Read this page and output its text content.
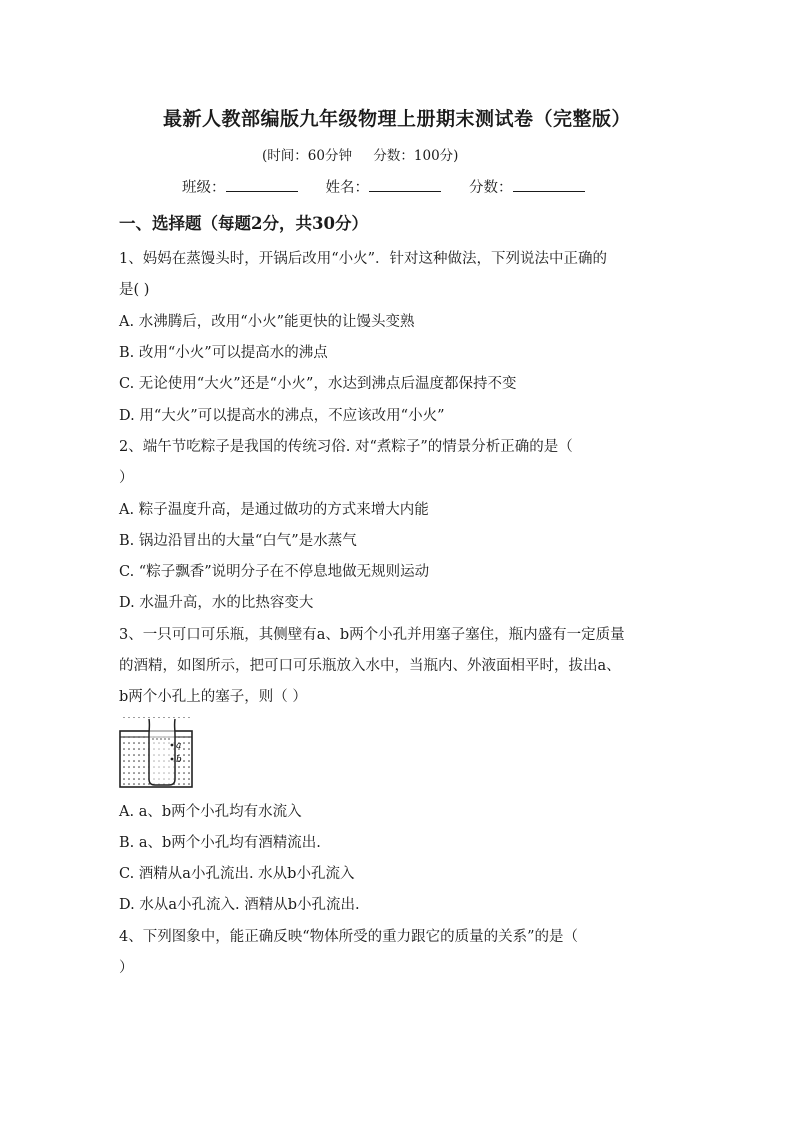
最新人教部编版九年级物理上册期末测试卷（完整版）
(时间：60分钟     分数：100分)
班级：	姓名：	分数：
一、选择题（每题2分，共30分）
1、妈妈在蒸馒头时，开锅后改用“小火”．针对这种做法，下列说法中正确的
是( )
A. 水沸腾后，改用“小火”能更快的让馒头变熟
B. 改用“小火”可以提高水的沸点
C. 无论使用“大火”还是“小火”，水达到沸点后温度都保持不变
D. 用“大火”可以提高水的沸点，不应该改用“小火”
2、端午节吃粽子是我国的传统习俗. 对“煮粽子”的情景分析正确的是（
）
A. 粽子温度升高，是通过做功的方式来增大内能
B. 锅边沿冒出的大量“白气”是水蒸气
C. “粽子飘香”说明分子在不停息地做无规则运动
D. 水温升高，水的比热容变大
3、一只可口可乐瓶，其侧壁有a、b两个小孔并用塞子塞住，瓶内盛有一定质量
的酒精，如图所示，把可口可乐瓶放入水中，当瓶内、外液面相平时，拔出a、
b两个小孔上的塞子，则（ ）
a
b
A. a、b两个小孔均有水流入
B. a、b两个小孔均有酒精流出.
C. 酒精从a小孔流出. 水从b小孔流入
D. 水从a小孔流入. 酒精从b小孔流出.
4、下列图象中，能正确反映“物体所受的重力跟它的质量的关系”的是（
）
